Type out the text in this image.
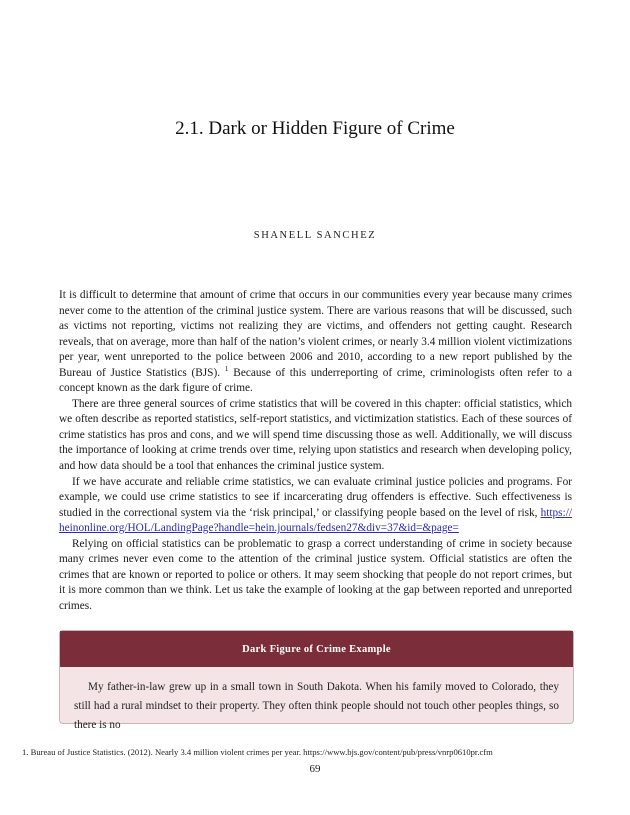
2.1. Dark or Hidden Figure of Crime
SHANELL SANCHEZ

It is difficult to determine that amount of crime that occurs in our communities every year because many crimes never come to the attention of the criminal justice system. There are various reasons that will be discussed, such as victims not reporting, victims not realizing they are victims, and offenders not getting caught. Research reveals, that on average, more than half of the nation’s violent crimes, or nearly 3.4 million violent victimizations per year, went unreported to the police between 2006 and 2010, according to a new report published by the Bureau of Justice Statistics (BJS). $^1$ Because of this underreporting of crime, criminologists often refer to a concept known as the dark figure of crime.

There are three general sources of crime statistics that will be covered in this chapter: official statistics, which we often describe as reported statistics, self-report statistics, and victimization statistics. Each of these sources of crime statistics has pros and cons, and we will spend time discussing those as well. Additionally, we will discuss the importance of looking at crime trends over time, relying upon statistics and research when developing policy, and how data should be a tool that enhances the criminal justice system.

If we have accurate and reliable crime statistics, we can evaluate criminal justice policies and programs. For example, we could use crime statistics to see if incarcerating drug offenders is effective. Such effectiveness is studied in the correctional system via the ‘risk principal,’ or classifying people based on the level of risk, https://heinonline.org/HOL/LandingPage?handle=hein.journals/fedsen27&div=37&id=&page=

Relying on official statistics can be problematic to grasp a correct understanding of crime in society because many crimes never even come to the attention of the criminal justice system. Official statistics are often the crimes that are known or reported to police or others. It may seem shocking that people do not report crimes, but it is more common than we think. Let us take the example of looking at the gap between reported and unreported crimes.

Dark Figure of Crime Example
My father-in-law grew up in a small town in South Dakota. When his family moved to Colorado, they still had a rural mindset to their property. They often think people should not touch other peoples things, so there is no
1. Bureau of Justice Statistics. (2012). Nearly 3.4 million violent crimes per year. https://www.bjs.gov/content/pub/press/vnrp0610pr.cfm
69
